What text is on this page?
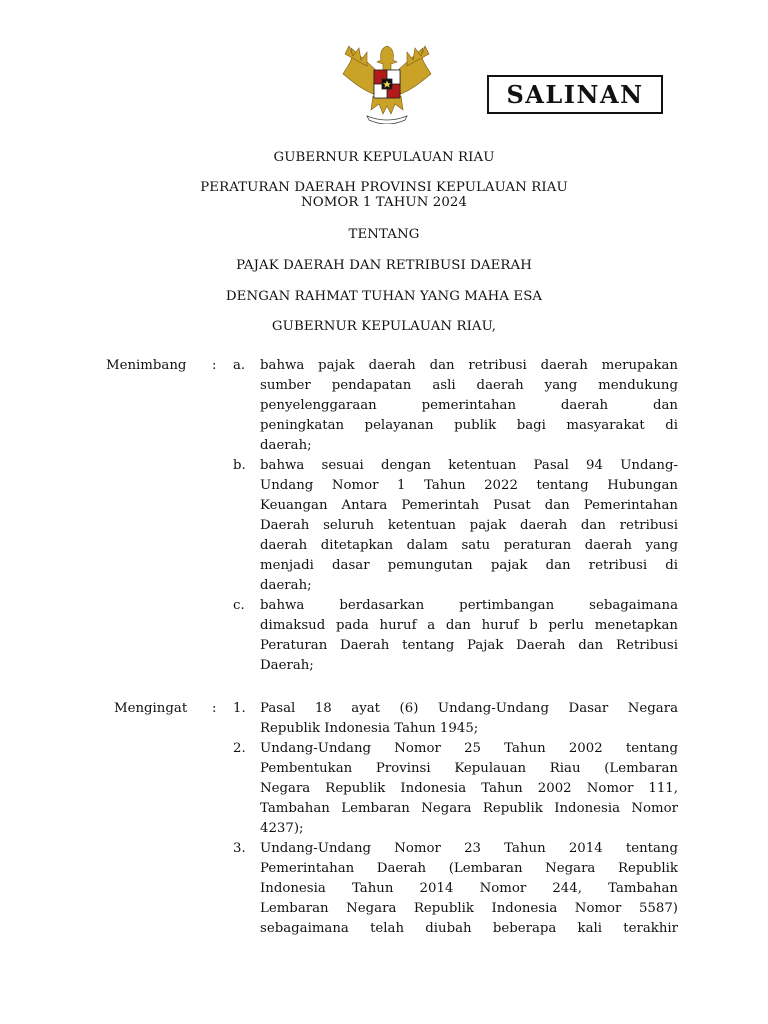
SALINAN
GUBERNUR KEPULAUAN RIAU
PERATURAN DAERAH PROVINSI KEPULAUAN RIAU
NOMOR 1 TAHUN 2024
TENTANG
PAJAK DAERAH DAN RETRIBUSI DAERAH
DENGAN RAHMAT TUHAN YANG MAHA ESA
GUBERNUR KEPULAUAN RIAU,
Menimbang : a. bahwa pajak daerah dan retribusi daerah merupakan
sumber pendapatan asli daerah yang mendukung
penyelenggaraan pemerintahan daerah dan
peningkatan pelayanan publik bagi masyarakat di
daerah;
b. bahwa sesuai dengan ketentuan Pasal 94 Undang-
Undang Nomor 1 Tahun 2022 tentang Hubungan
Keuangan Antara Pemerintah Pusat dan Pemerintahan
Daerah seluruh ketentuan pajak daerah dan retribusi
daerah ditetapkan dalam satu peraturan daerah yang
menjadi dasar pemungutan pajak dan retribusi di
daerah;
c. bahwa berdasarkan pertimbangan sebagaimana
dimaksud pada huruf a dan huruf b perlu menetapkan
Peraturan Daerah tentang Pajak Daerah dan Retribusi
Daerah;
Mengingat : 1. Pasal 18 ayat (6) Undang-Undang Dasar Negara
Republik Indonesia Tahun 1945;
2. Undang-Undang Nomor 25 Tahun 2002 tentang
Pembentukan Provinsi Kepulauan Riau (Lembaran
Negara Republik Indonesia Tahun 2002 Nomor 111,
Tambahan Lembaran Negara Republik Indonesia Nomor
4237);
3. Undang-Undang Nomor 23 Tahun 2014 tentang
Pemerintahan Daerah (Lembaran Negara Republik
Indonesia Tahun 2014 Nomor 244, Tambahan
Lembaran Negara Republik Indonesia Nomor 5587)
sebagaimana telah diubah beberapa kali terakhir
